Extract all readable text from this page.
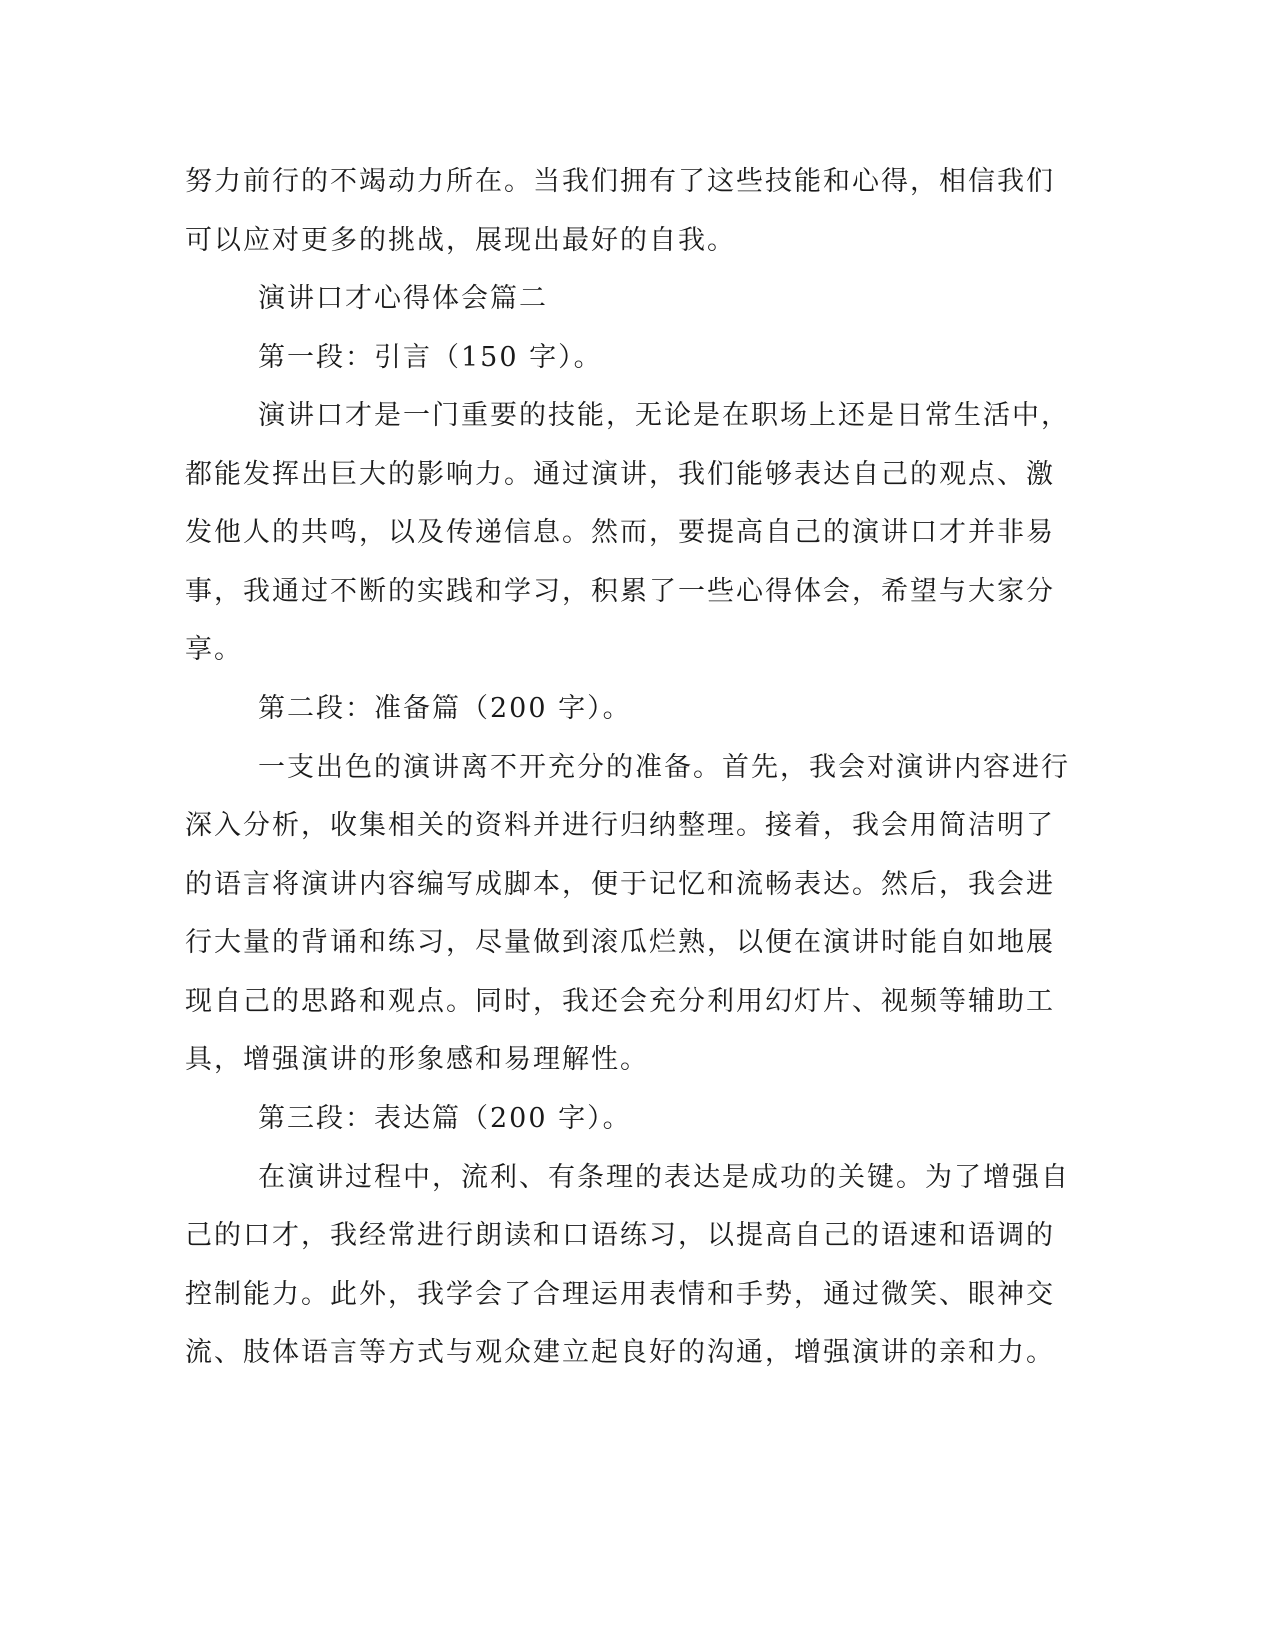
努力前行的不竭动力所在。当我们拥有了这些技能和心得，相信我们
可以应对更多的挑战，展现出最好的自我。
演讲口才心得体会篇二
第一段：引言（150 字）。
演讲口才是一门重要的技能，无论是在职场上还是日常生活中，
都能发挥出巨大的影响力。通过演讲，我们能够表达自己的观点、激
发他人的共鸣，以及传递信息。然而，要提高自己的演讲口才并非易
事，我通过不断的实践和学习，积累了一些心得体会，希望与大家分
享。
第二段：准备篇（200 字）。
一支出色的演讲离不开充分的准备。首先，我会对演讲内容进行
深入分析，收集相关的资料并进行归纳整理。接着，我会用简洁明了
的语言将演讲内容编写成脚本，便于记忆和流畅表达。然后，我会进
行大量的背诵和练习，尽量做到滚瓜烂熟，以便在演讲时能自如地展
现自己的思路和观点。同时，我还会充分利用幻灯片、视频等辅助工
具，增强演讲的形象感和易理解性。
第三段：表达篇（200 字）。
在演讲过程中，流利、有条理的表达是成功的关键。为了增强自
己的口才，我经常进行朗读和口语练习，以提高自己的语速和语调的
控制能力。此外，我学会了合理运用表情和手势，通过微笑、眼神交
流、肢体语言等方式与观众建立起良好的沟通，增强演讲的亲和力。
